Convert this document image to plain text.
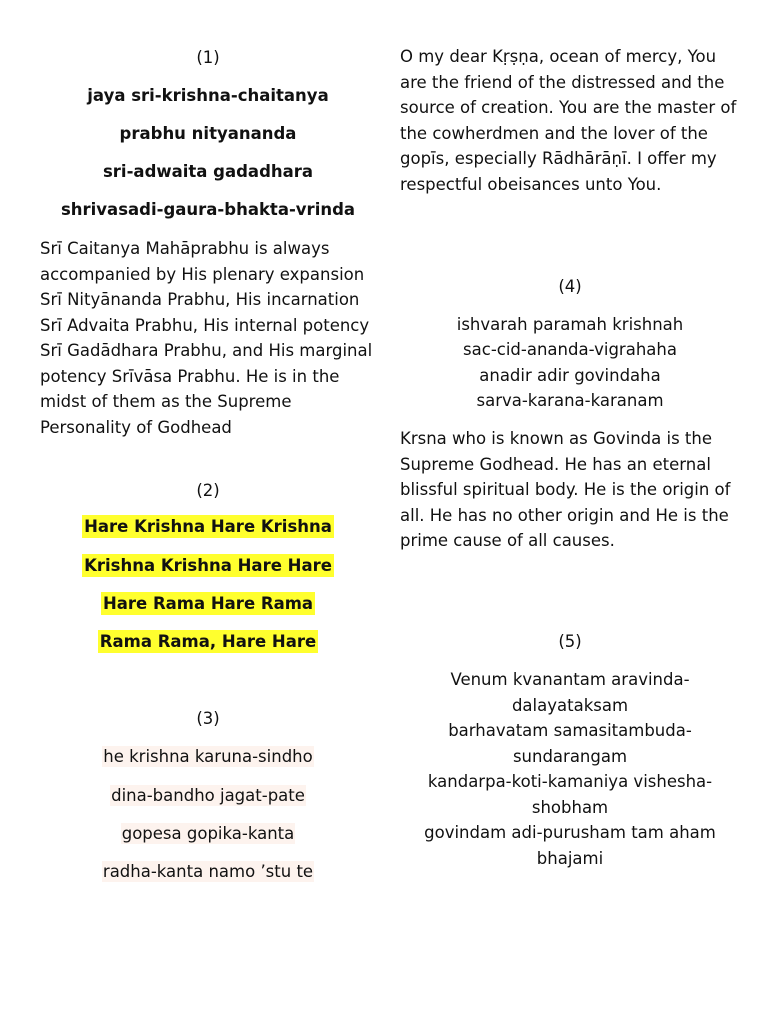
(1)
jaya sri-krishna-chaitanya
prabhu nityananda
sri-adwaita gadadhara
shrivasadi-gaura-bhakta-vrinda
Srī Caitanya Mahāprabhu is always accompanied by His plenary expansion Srī Nityānanda Prabhu, His incarnation Srī Advaita Prabhu, His internal potency Srī Gadādhara Prabhu, and His marginal potency Srīvāsa Prabhu. He is in the midst of them as the Supreme Personality of Godhead
(2)
Hare Krishna Hare Krishna
Krishna Krishna Hare Hare
Hare Rama Hare Rama
Rama Rama, Hare Hare
(3)
he krishna karuna-sindho
dina-bandho jagat-pate
gopesa gopika-kanta
radha-kanta namo ’stu te
O my dear Kṛṣṇa, ocean of mercy, You are the friend of the distressed and the source of creation. You are the master of the cowherdmen and the lover of the gopīs, especially Rādhārāṇī. I offer my respectful obeisances unto You.
(4)
ishvarah paramah krishnah
sac-cid-ananda-vigrahaha
anadir adir govindaha
sarva-karana-karanam
Krsna who is known as Govinda is the Supreme Godhead. He has an eternal blissful spiritual body. He is the origin of all. He has no other origin and He is the prime cause of all causes.
(5)
Venum kvanantam aravinda-
dalayataksam
barhavatam samasitambuda-
sundarangam
kandarpa-koti-kamaniya vishesha-
shobham
govindam adi-purusham tam aham
bhajami
